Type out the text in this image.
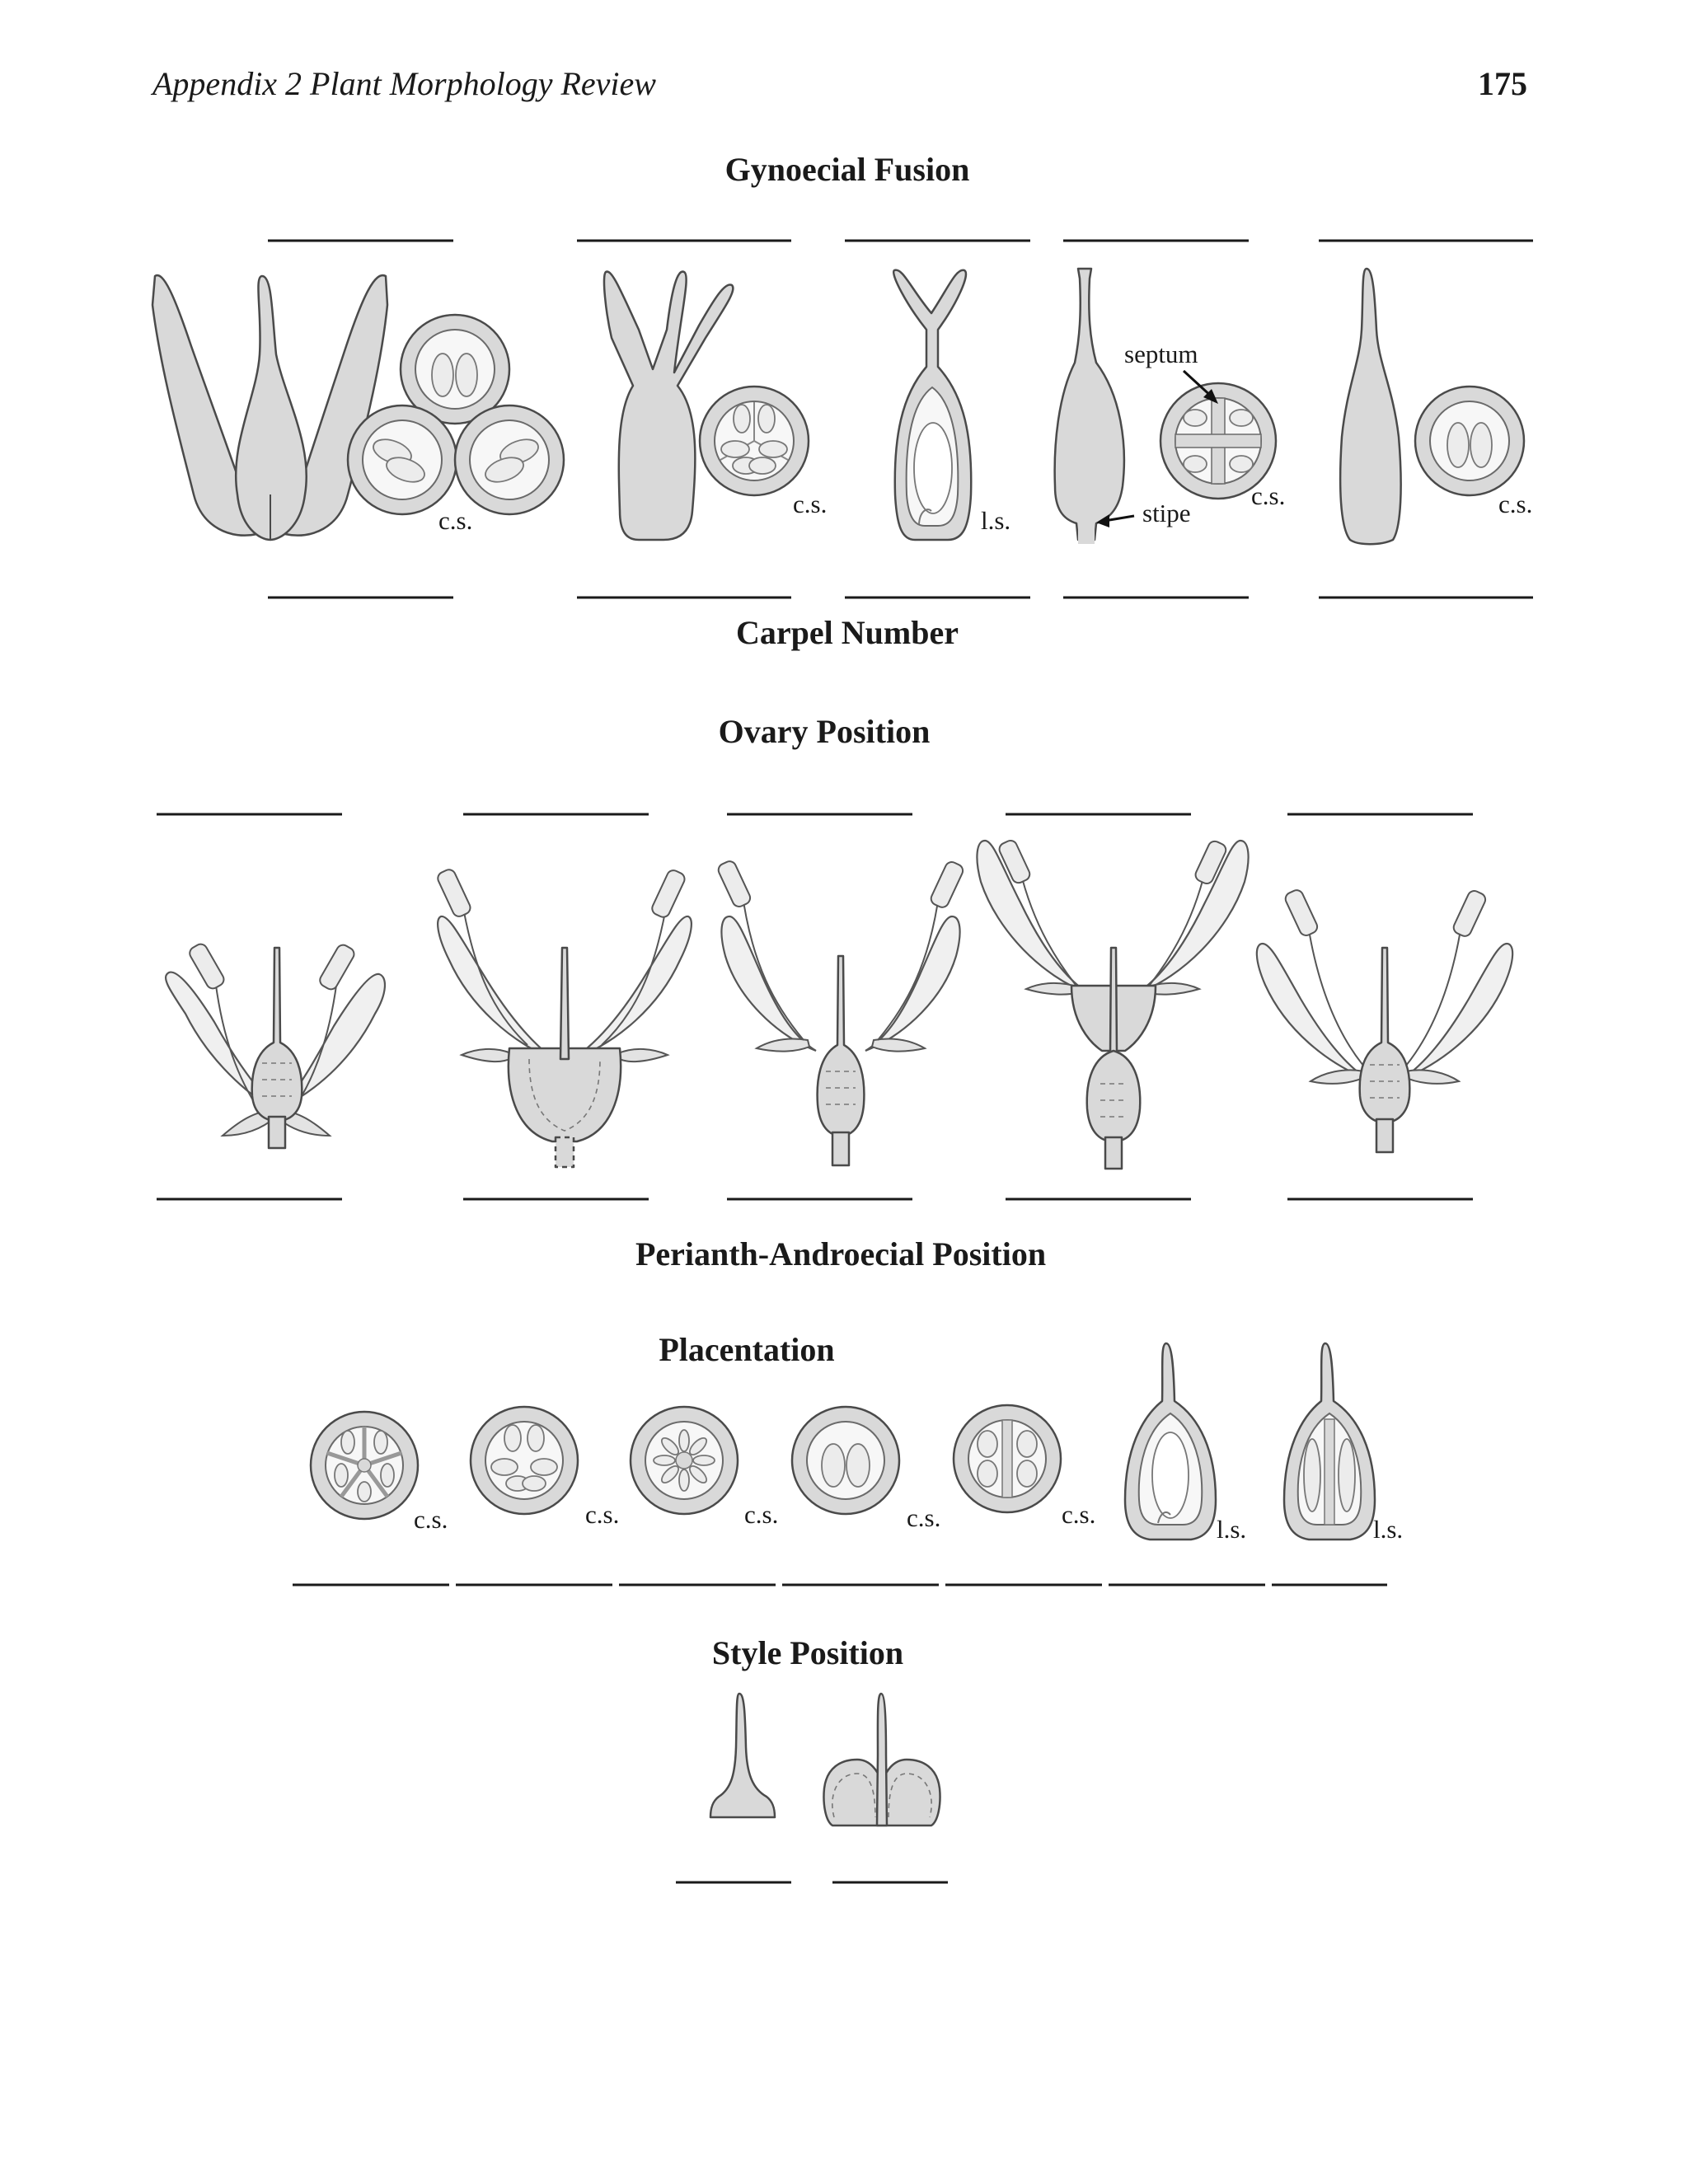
Appendix 2 Plant Morphology Review	175
Gynoecial Fusion
Carpel Number
Ovary Position
Perianth-Androecial Position
Placentation
Style Position
c.s.
c.s.
l.s.
septum
stipe
c.s.	c.s.
c.s.	c.s.	c.s.	c.s.	c.s.
l.s.	l.s.
